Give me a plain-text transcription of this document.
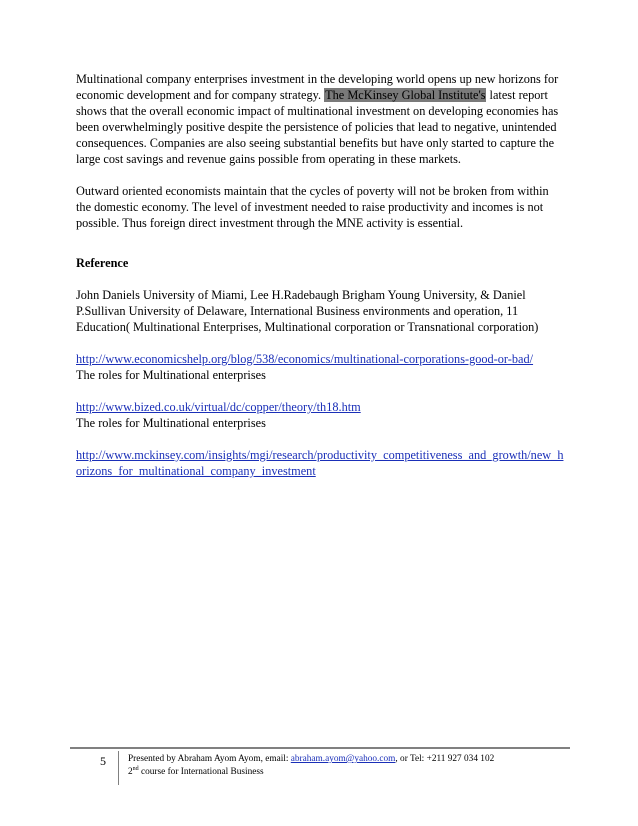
Multinational company enterprises investment in the developing world opens up new horizons for economic development and for company strategy. The McKinsey Global Institute's latest report shows that the overall economic impact of multinational investment on developing economies has been overwhelmingly positive despite the persistence of policies that lead to negative, unintended consequences. Companies are also seeing substantial benefits but have only started to capture the large cost savings and revenue gains possible from operating in these markets.

Outward oriented economists maintain that the cycles of poverty will not be broken from within the domestic economy. The level of investment needed to raise productivity and incomes is not possible. Thus foreign direct investment through the MNE activity is essential.

Reference

John Daniels University of Miami, Lee H.Radebaugh Brigham Young University, & Daniel P.Sullivan University of Delaware, International Business environments and operation, 11 Education( Multinational Enterprises, Multinational corporation or Transnational corporation)

http://www.economicshelp.org/blog/538/economics/multinational-corporations-good-or-bad/
The roles for Multinational enterprises

http://www.bized.co.uk/virtual/dc/copper/theory/th18.htm
The roles for Multinational enterprises

http://www.mckinsey.com/insights/mgi/research/productivity_competitiveness_and_growth/new_horizons_for_multinational_company_investment

5 Presented by Abraham Ayom Ayom, email: abraham.ayom@yahoo.com, or Tel: +211 927 034 102
2nd course for International Business
